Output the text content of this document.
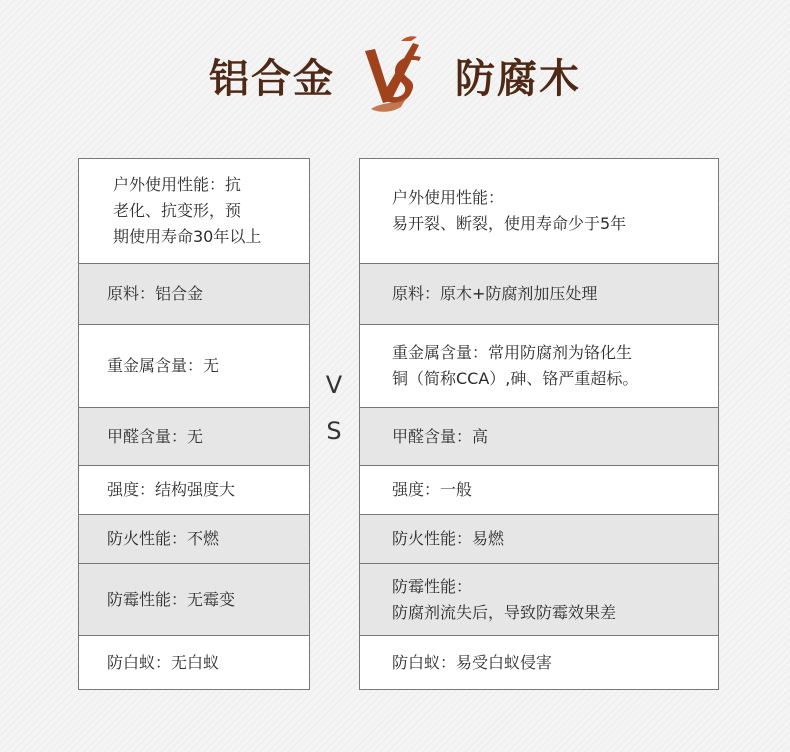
铝合金	防腐木
户外使用性能：抗
老化、抗变形，预
期使用寿命30年以上
原料：铝合金
重金属含量：无
甲醛含量：无
强度：结构强度大
防火性能：不燃
防霉性能：无霉变
防白蚁：无白蚁
V
S
户外使用性能：
易开裂、断裂，使用寿命少于5年
原料：原木+防腐剂加压处理
重金属含量：常用防腐剂为铬化生
铜（简称CCA）,砷、铬严重超标。
甲醛含量：高
强度：一般
防火性能：易燃
防霉性能：
防腐剂流失后，导致防霉效果差
防白蚁：易受白蚁侵害
